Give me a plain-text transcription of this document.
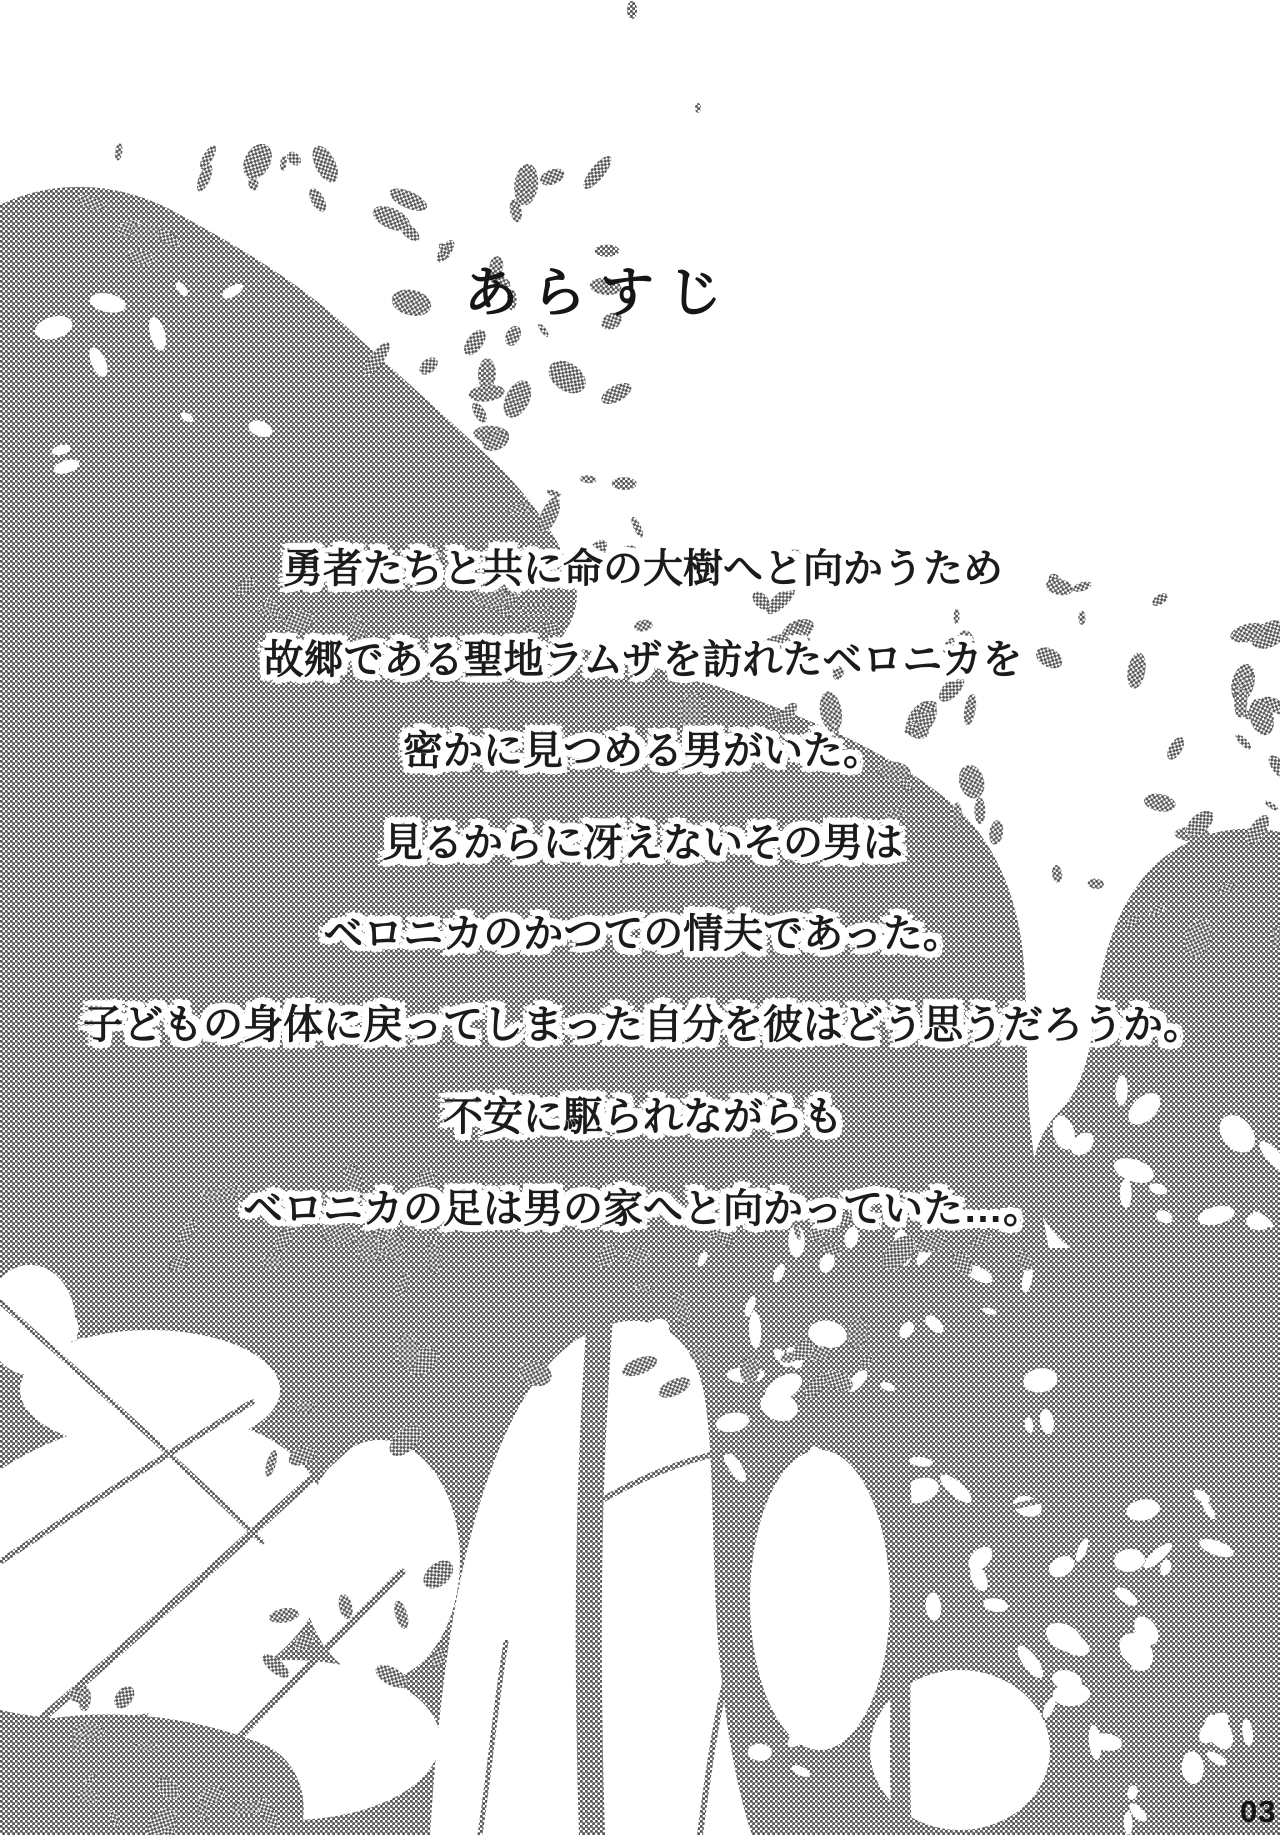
あらすじ
勇者たちと共に命の大樹へと向かうため
故郷である聖地ラムザを訪れたベロニカを
密かに見つめる男がいた。
見るからに冴えないその男は
ベロニカのかつての情夫であった。
子どもの身体に戻ってしまった自分を彼はどう思うだろうか。
不安に駆られながらも
ベロニカの足は男の家へと向かっていた…。
03
